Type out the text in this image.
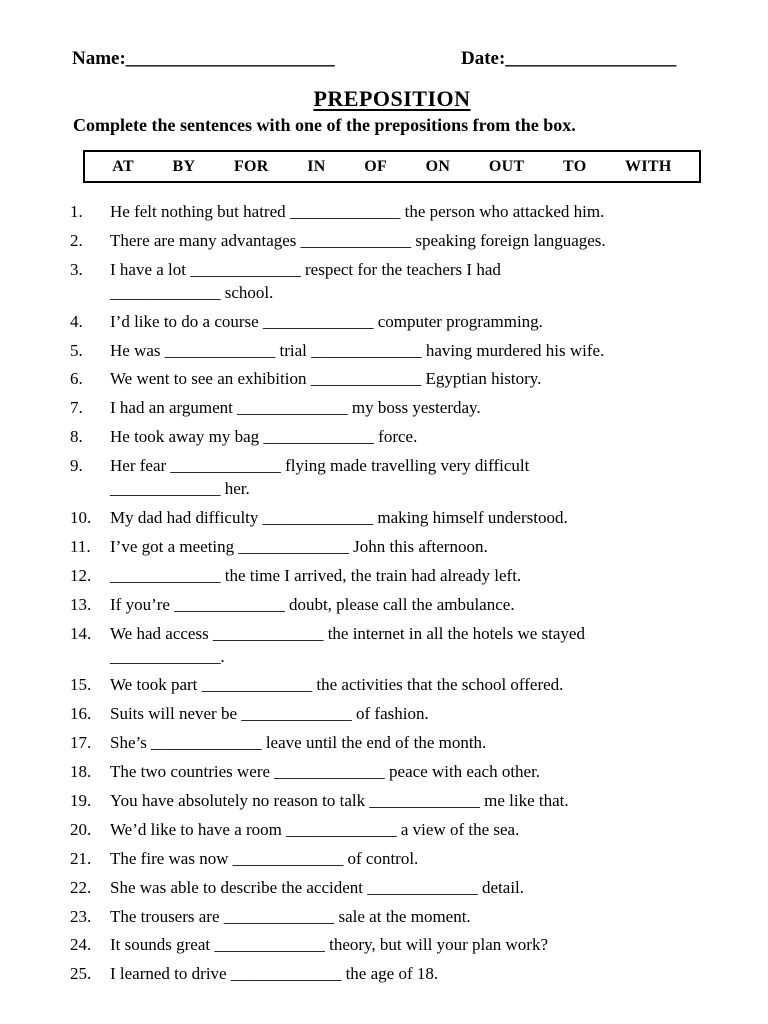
Name:______________________	Date:__________________
PREPOSITION
Complete the sentences with one of the prepositions from the box.
AT BY FOR IN OF ON OUT TO WITH
1.	He felt nothing but hatred _____________ the person who attacked him.
2.	There are many advantages _____________ speaking foreign languages.
3.	I have a lot _____________ respect for the teachers I had
_____________ school.
4.	I’d like to do a course _____________ computer programming.
5.	He was _____________ trial _____________ having murdered his wife.
6.	We went to see an exhibition _____________ Egyptian history.
7.	I had an argument _____________ my boss yesterday.
8.	He took away my bag _____________ force.
9.	Her fear _____________ flying made travelling very difficult
_____________ her.
10.	My dad had difficulty _____________ making himself understood.
11.	I’ve got a meeting _____________ John this afternoon.
12.	_____________ the time I arrived, the train had already left.
13.	If you’re _____________ doubt, please call the ambulance.
14.	We had access _____________ the internet in all the hotels we stayed
_____________.
15.	We took part _____________ the activities that the school offered.
16.	Suits will never be _____________ of fashion.
17.	She’s _____________ leave until the end of the month.
18.	The two countries were _____________ peace with each other.
19.	You have absolutely no reason to talk _____________ me like that.
20.	We’d like to have a room _____________ a view of the sea.
21.	The fire was now _____________ of control.
22.	She was able to describe the accident _____________ detail.
23.	The trousers are _____________ sale at the moment.
24.	It sounds great _____________ theory, but will your plan work?
25.	I learned to drive _____________ the age of 18.
